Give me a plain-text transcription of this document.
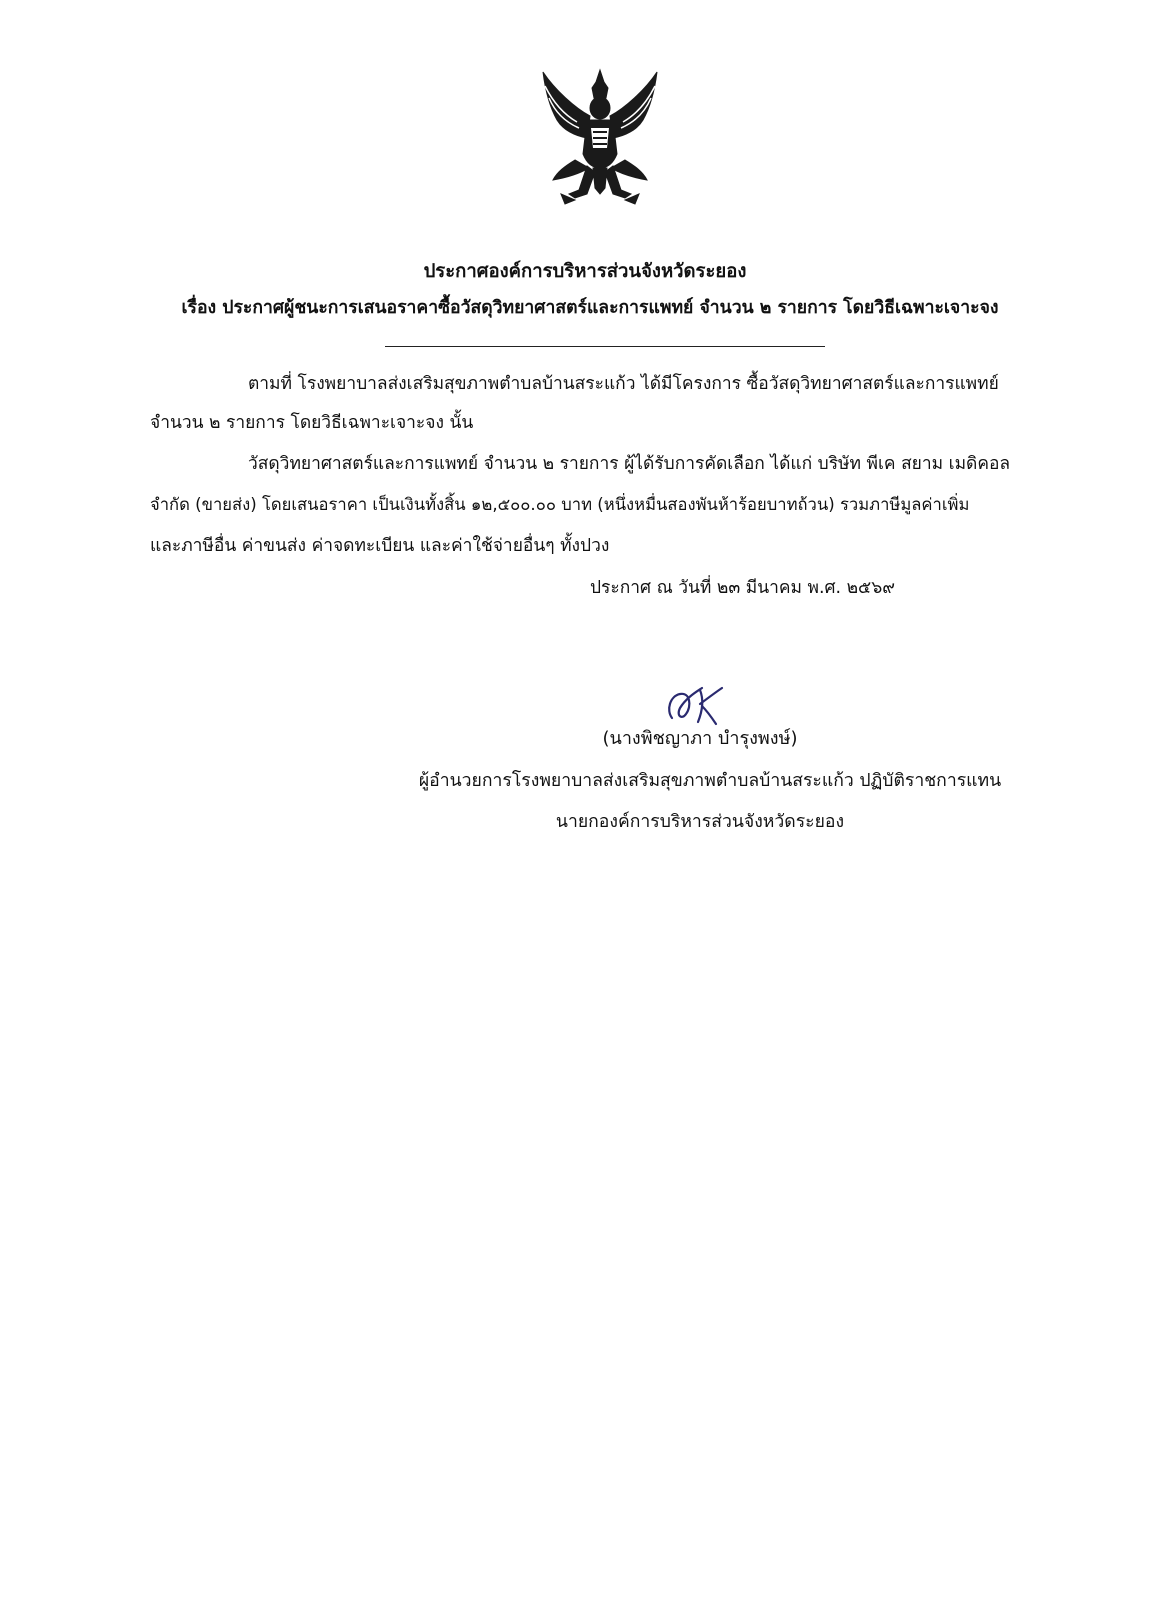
ประกาศองค์การบริหารส่วนจังหวัดระยอง
เรื่อง ประกาศผู้ชนะการเสนอราคาซื้อวัสดุวิทยาศาสตร์และการแพทย์ จำนวน ๒ รายการ โดยวิธีเฉพาะเจาะจง
ตามที่ โรงพยาบาลส่งเสริมสุขภาพตำบลบ้านสระแก้ว ได้มีโครงการ ซื้อวัสดุวิทยาศาสตร์และการแพทย์
จำนวน ๒ รายการ โดยวิธีเฉพาะเจาะจง นั้น
วัสดุวิทยาศาสตร์และการแพทย์ จำนวน ๒ รายการ ผู้ได้รับการคัดเลือก ได้แก่ บริษัท พีเค สยาม เมดิคอล
จำกัด (ขายส่ง) โดยเสนอราคา เป็นเงินทั้งสิ้น ๑๒,๕๐๐.๐๐ บาท (หนึ่งหมื่นสองพันห้าร้อยบาทถ้วน) รวมภาษีมูลค่าเพิ่ม
และภาษีอื่น ค่าขนส่ง ค่าจดทะเบียน และค่าใช้จ่ายอื่นๆ ทั้งปวง
ประกาศ ณ วันที่ ๒๓ มีนาคม พ.ศ. ๒๕๖๙
(นางพิชญาภา บำรุงพงษ์)
ผู้อำนวยการโรงพยาบาลส่งเสริมสุขภาพตำบลบ้านสระแก้ว ปฏิบัติราชการแทน
นายกองค์การบริหารส่วนจังหวัดระยอง
